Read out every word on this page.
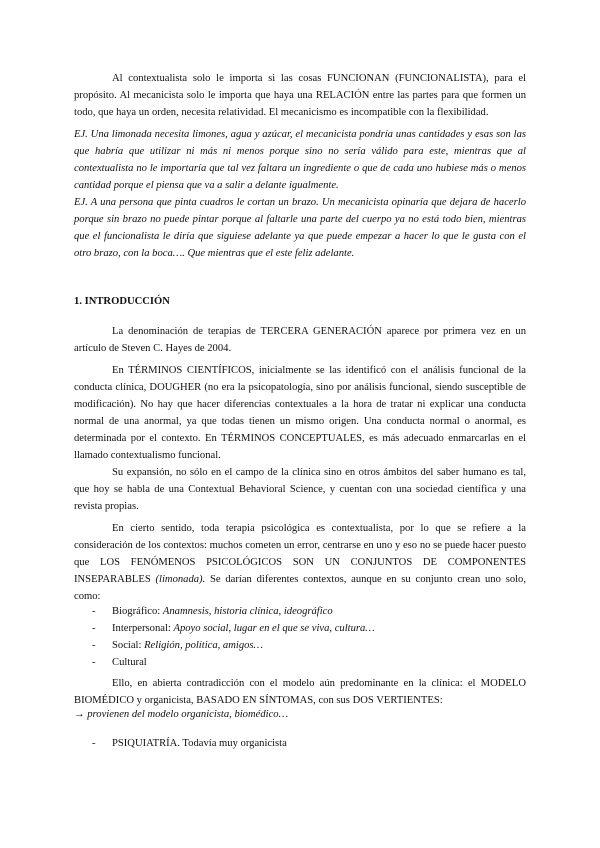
Al contextualista solo le importa si las cosas FUNCIONAN (FUNCIONALISTA), para el propósito. Al mecanicista solo le importa que haya una RELACIÓN entre las partes para que formen un todo, que haya un orden, necesita relatividad. El mecanicismo es incompatible con la flexibilidad.

EJ. Una limonada necesita limones, agua y azúcar, el mecanicista pondría unas cantidades y esas son las que habría que utilizar ni más ni menos porque sino no sería válido para este, mientras que al contextualista no le importaría que tal vez faltara un ingrediente o que de cada uno hubiese más o menos cantidad porque el piensa que va a salir a delante igualmente.

EJ. A una persona que pinta cuadros le cortan un brazo. Un mecanicista opinaría que dejara de hacerlo porque sin brazo no puede pintar porque al faltarle una parte del cuerpo ya no está todo bien, mientras que el funcionalista le diría que siguiese adelante ya que puede empezar a hacer lo que le gusta con el otro brazo, con la boca…. Que mientras que el este feliz adelante.

1. INTRODUCCIÓN

La denominación de terapias de TERCERA GENERACIÓN aparece por primera vez en un artículo de Steven C. Hayes de 2004.

En TÉRMINOS CIENTÍFICOS, inicialmente se las identificó con el análisis funcional de la conducta clínica, DOUGHER (no era la psicopatología, sino por análisis funcional, siendo susceptible de modificación). No hay que hacer diferencias contextuales a la hora de tratar ni explicar una conducta normal de una anormal, ya que todas tienen un mismo origen. Una conducta normal o anormal, es determinada por el contexto. En TÉRMINOS CONCEPTUALES, es más adecuado enmarcarlas en el llamado contextualismo funcional.

Su expansión, no sólo en el campo de la clínica sino en otros ámbitos del saber humano es tal, que hoy se habla de una Contextual Behavioral Science, y cuentan con una sociedad científica y una revista propias.

En cierto sentido, toda terapia psicológica es contextualista, por lo que se refiere a la consideración de los contextos: muchos cometen un error, centrarse en uno y eso no se puede hacer puesto que LOS FENÓMENOS PSICOLÓGICOS SON UN CONJUNTOS DE COMPONENTES INSEPARABLES (limonada). Se darían diferentes contextos, aunque en su conjunto crean uno solo, como:

- Biográfico: Anamnesis, historia clínica, ideográfico
- Interpersonal: Apoyo social, lugar en el que se viva, cultura…
- Social: Religión, política, amigos…
- Cultural

Ello, en abierta contradicción con el modelo aún predominante en la clínica: el MODELO BIOMÉDICO y organicista, BASADO EN SÍNTOMAS, con sus DOS VERTIENTES:

→ provienen del modelo organicista, biomédico…

- PSIQUIATRÍA. Todavía muy organicista
